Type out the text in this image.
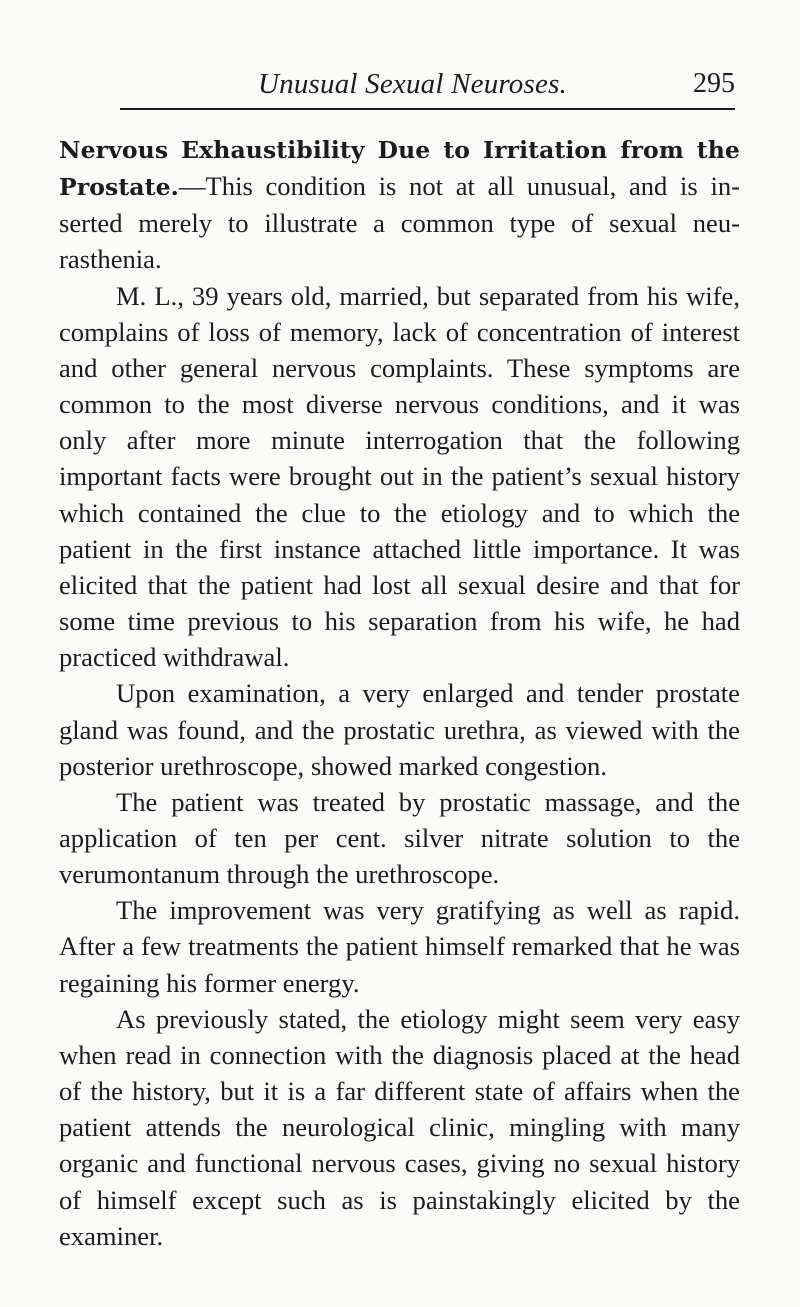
Unusual Sexual Neuroses.	295

Nervous Exhaustibility Due to Irritation from the Prostate.—This condition is not at all unusual, and is inserted merely to illustrate a common type of sexual neurasthenia.

M. L., 39 years old, married, but separated from his wife, complains of loss of memory, lack of concentration of interest and other general nervous complaints. These symptoms are common to the most diverse nervous conditions, and it was only after more minute interrogation that the following important facts were brought out in the patient’s sexual history which contained the clue to the etiology and to which the patient in the first instance attached little importance. It was elicited that the patient had lost all sexual desire and that for some time previous to his separation from his wife, he had practiced withdrawal.

Upon examination, a very enlarged and tender prostate gland was found, and the prostatic urethra, as viewed with the posterior urethroscope, showed marked congestion.

The patient was treated by prostatic massage, and the application of ten per cent. silver nitrate solution to the verumontanum through the urethroscope.

The improvement was very gratifying as well as rapid. After a few treatments the patient himself remarked that he was regaining his former energy.

As previously stated, the etiology might seem very easy when read in connection with the diagnosis placed at the head of the history, but it is a far different state of affairs when the patient attends the neurological clinic, mingling with many organic and functional nervous cases, giving no sexual history of himself except such as is painstakingly elicited by the examiner.
